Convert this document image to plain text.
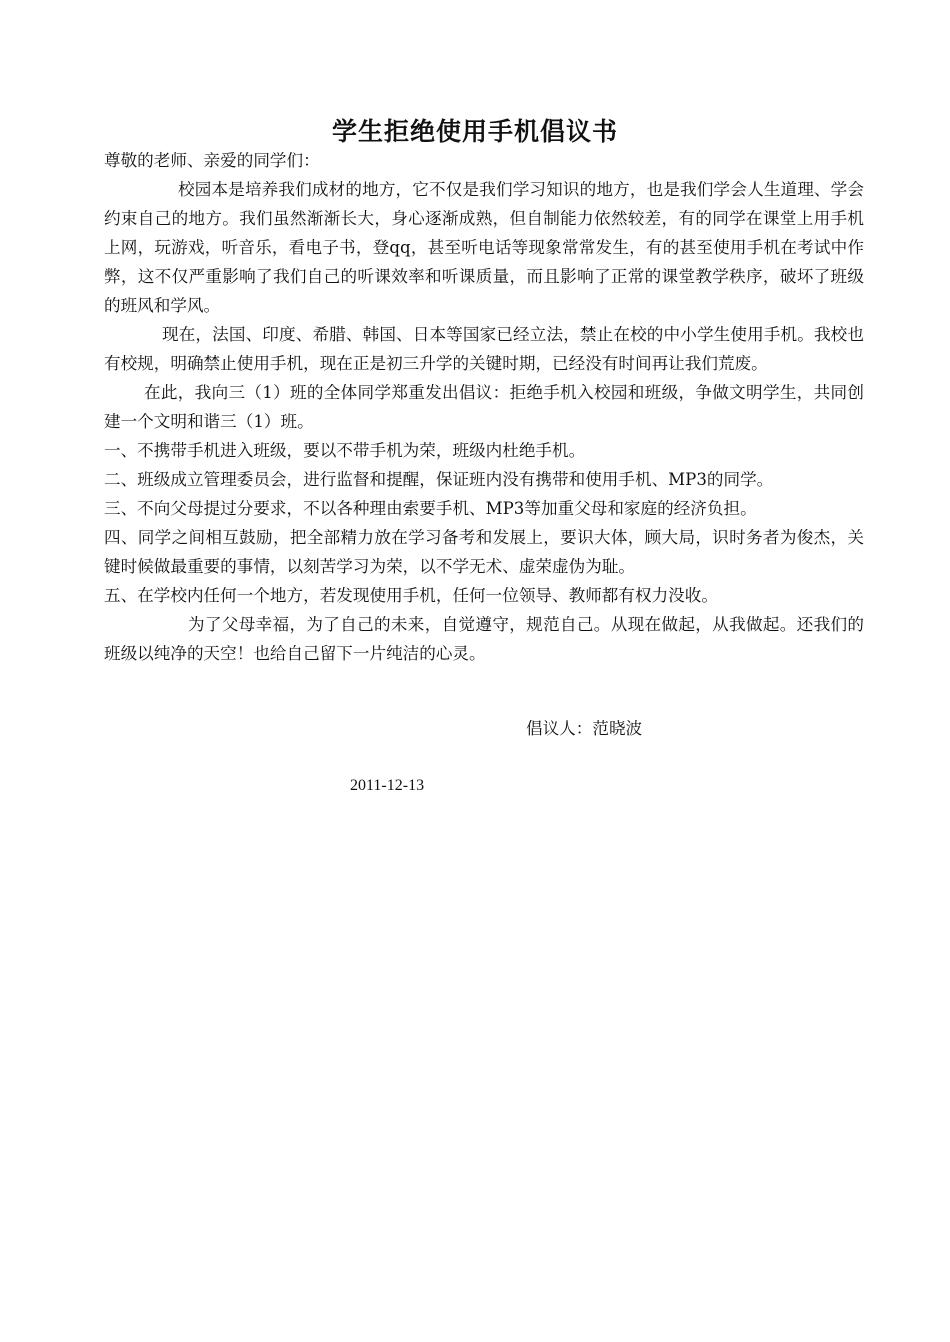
学生拒绝使用手机倡议书

尊敬的老师、亲爱的同学们：

校园本是培养我们成材的地方，它不仅是我们学习知识的地方，也是我们学会人生道理、学会约束自己的地方。我们虽然渐渐长大，身心逐渐成熟，但自制能力依然较差，有的同学在课堂上用手机上网，玩游戏，听音乐，看电子书，登qq，甚至听电话等现象常常发生，有的甚至使用手机在考试中作弊，这不仅严重影响了我们自己的听课效率和听课质量，而且影响了正常的课堂教学秩序，破坏了班级的班风和学风。

现在，法国、印度、希腊、韩国、日本等国家已经立法，禁止在校的中小学生使用手机。我校也有校规，明确禁止使用手机，现在正是初三升学的关键时期，已经没有时间再让我们荒废。

在此，我向三（1）班的全体同学郑重发出倡议：拒绝手机入校园和班级，争做文明学生，共同创建一个文明和谐三（1）班。

一、不携带手机进入班级，要以不带手机为荣，班级内杜绝手机。

二、班级成立管理委员会，进行监督和提醒，保证班内没有携带和使用手机、MP3的同学。

三、不向父母提过分要求，不以各种理由索要手机、MP3等加重父母和家庭的经济负担。

四、同学之间相互鼓励，把全部精力放在学习备考和发展上，要识大体，顾大局，识时务者为俊杰，关键时候做最重要的事情，以刻苦学习为荣，以不学无术、虚荣虚伪为耻。

五、在学校内任何一个地方，若发现使用手机，任何一位领导、教师都有权力没收。

为了父母幸福，为了自己的未来，自觉遵守，规范自己。从现在做起，从我做起。还我们的班级以纯净的天空！也给自己留下一片纯洁的心灵。

倡议人：范晓波
2011-12-13
